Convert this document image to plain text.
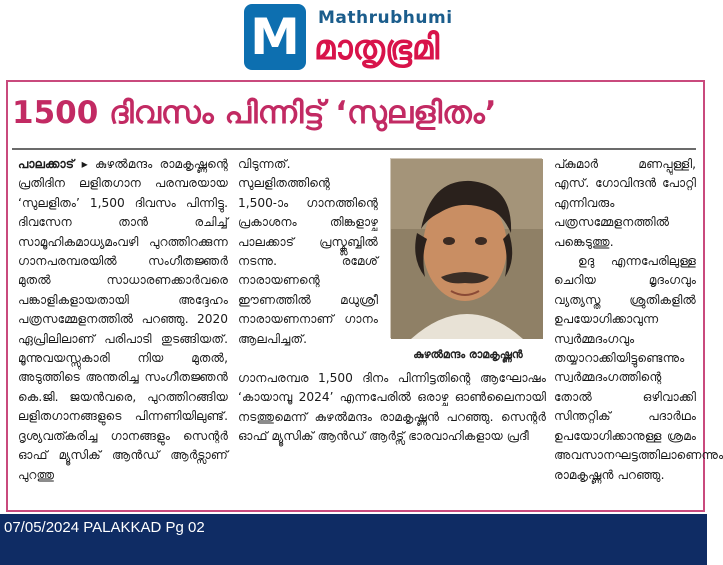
M	Mathrubhumi
മാതൃഭൂമി
1500 ദിവസം പിന്നിട്ട് ‘സുലളിതം’
പാലക്കാട് ▸ കുഴൽമന്ദം രാമകൃഷ്ണന്റെ പ്രതിദിന ലളിതഗാന പരമ്പരയായ ‘സുലളിതം’ 1,500 ദിവസം പിന്നിട്ടു. ദിവസേന താൻ രചിച്ച് സാമൂഹികമാധ്യമംവഴി പുറത്തിറക്കുന്ന ഗാനപരമ്പരയിൽ സംഗീതജ്ഞർ മുതൽ സാധാരണക്കാർവരെ പങ്കാളികളായതായി അദ്ദേഹം പത്രസമ്മേളനത്തിൽ പറഞ്ഞു. 2020 ഏപ്രിലിലാണ് പരിപാടി തുടങ്ങിയത്. മൂന്നുവയസ്സുകാരി നിയ മുതൽ, അടുത്തിടെ അന്തരിച്ച സംഗീതജ്ഞൻ കെ.ജി. ജയൻവരെ, പുറത്തിറങ്ങിയ ലളിതഗാനങ്ങളുടെ പിന്നണിയിലുണ്ട്. ദൃശ്യവത്കരിച്ച ഗാനങ്ങളും സെന്റർ ഓഫ് മ്യൂസിക് ആൻഡ് ആർട്സാണ് പുറത്തു
വിടുന്നത്. സുലളിതത്തിന്റെ 1,500-ാം ഗാനത്തിന്റെ പ്രകാശനം തിങ്കളാഴ്ച പാലക്കാട് പ്രസ്ക്ലബ്ബിൽ നടന്നു. രമേശ് നാരായണന്റെ ഈണത്തിൽ മധുശ്രീ നാരായണനാണ് ഗാനം ആലപിച്ചത്.
കുഴൽമന്ദം രാമകൃഷ്ണൻ
ഗാനപരമ്പര 1,500 ദിനം പിന്നിട്ടതിന്റെ ആഘോഷം ‘കായാമ്പൂ 2024’ എന്നപേരിൽ ഒരാഴ്ച ഓൺലൈനായി നടത്തുമെന്ന് കുഴൽമന്ദം രാമകൃഷ്ണൻ പറഞ്ഞു. സെന്റർ ഓഫ് മ്യൂസിക് ആൻഡ് ആർട്സ് ഭാരവാഹികളായ പ്രദീ
പ്കുമാർ മണപ്പുള്ളി, എസ്. ഗോവിന്ദൻ പോറ്റി എന്നിവരും പത്രസമ്മേളനത്തിൽ പങ്കെടുത്തു.
ഉദു എന്നപേരിലുള്ള ചെറിയ മൃദംഗവും വ്യത്യസ്ത ശ്രുതികളിൽ ഉപയോഗിക്കാവുന്ന സ്വർമ്മദംഗവും തയ്യാറാക്കിയിട്ടുണ്ടെന്നും സ്വർമ്മദംഗത്തിന്റെ തോൽ ഒഴിവാക്കി സിന്തറ്റിക് പദാർഥം ഉപയോഗിക്കാനുള്ള ശ്രമം അവസാനഘട്ടത്തിലാണെന്നും രാമകൃഷ്ണൻ പറഞ്ഞു.
07/05/2024 PALAKKAD Pg 02
